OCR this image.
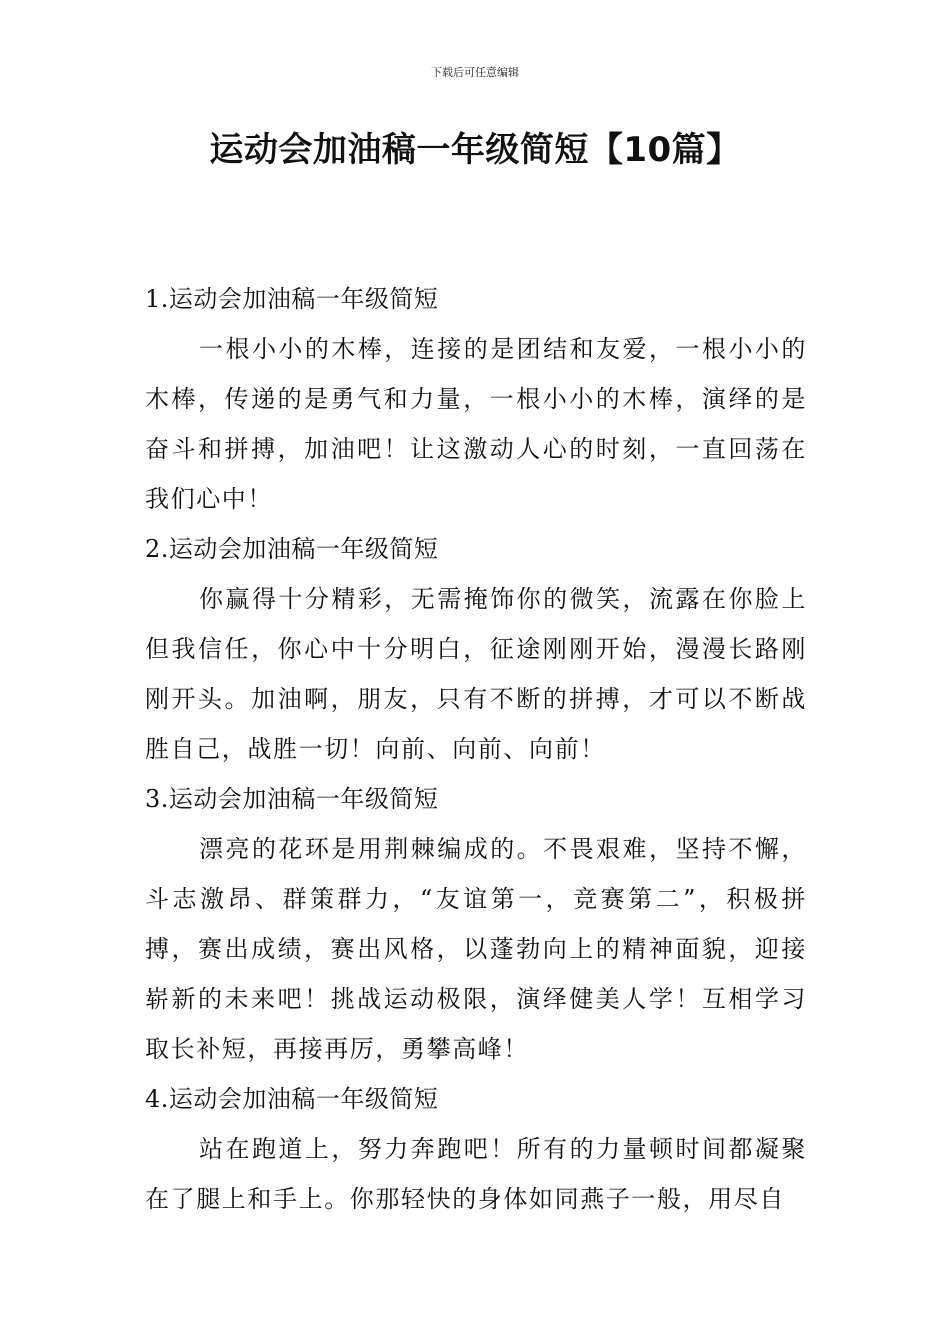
下载后可任意编辑
运动会加油稿一年级简短【10篇】
1.运动会加油稿一年级简短

一根小小的木棒，连接的是团结和友爱，一根小小的木棒，传递的是勇气和力量，一根小小的木棒，演绎的是奋斗和拼搏，加油吧！让这激动人心的时刻，一直回荡在我们心中！

2.运动会加油稿一年级简短

你赢得十分精彩，无需掩饰你的微笑，流露在你脸上但我信任，你心中十分明白，征途刚刚开始，漫漫长路刚刚开头。加油啊，朋友，只有不断的拼搏，才可以不断战胜自己，战胜一切！向前、向前、向前！

3.运动会加油稿一年级简短

漂亮的花环是用荆棘编成的。不畏艰难，坚持不懈，斗志激昂、群策群力，“友谊第一，竞赛第二”，积极拼搏，赛出成绩，赛出风格，以蓬勃向上的精神面貌，迎接崭新的未来吧！挑战运动极限，演绎健美人学！互相学习取长补短，再接再厉，勇攀高峰！

4.运动会加油稿一年级简短

站在跑道上，努力奔跑吧！所有的力量顿时间都凝聚在了腿上和手上。你那轻快的身体如同燕子一般，用尽自
